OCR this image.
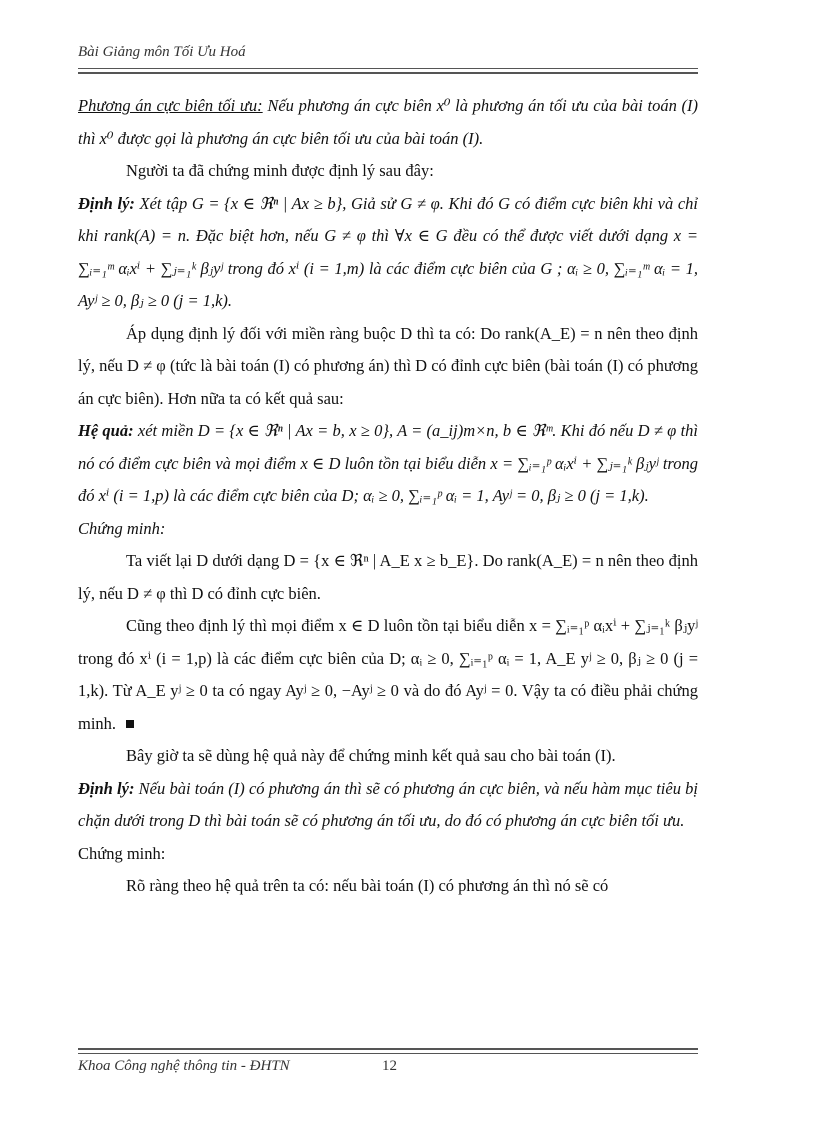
Bài Giảng môn Tối Ưu Hoá

Phương án cực biên tối ưu: Nếu phương án cực biên x⁰ là phương án tối ưu của bài toán (I) thì x⁰ được gọi là phương án cực biên tối ưu của bài toán (I).

Người ta đã chứng minh được định lý sau đây:

Định lý: Xét tập G = {x ∈ ℜⁿ | Ax ≥ b}, Giả sử G ≠ φ. Khi đó G có điểm cực biên khi và chỉ khi rank(A) = n. Đặc biệt hơn, nếu G ≠ φ thì ∀x ∈ G đều có thể được viết dưới dạng x = ∑ᵢ₌₁ᵐ αᵢxⁱ + ∑ⱼ₌₁ᵏ βⱼyʲ trong đó xⁱ (i = 1,m) là các điểm cực biên của G ; αᵢ ≥ 0, ∑ᵢ₌₁ᵐ αᵢ = 1, Ayʲ ≥ 0, βⱼ ≥ 0 (j = 1,k).

Áp dụng định lý đối với miền ràng buộc D thì ta có: Do rank(A_E) = n nên theo định lý, nếu D ≠ φ (tức là bài toán (I) có phương án) thì D có đỉnh cực biên (bài toán (I) có phương án cực biên). Hơn nữa ta có kết quả sau:

Hệ quả: xét miền D = {x ∈ ℜⁿ | Ax = b, x ≥ 0}, A = (a_ij)m×n, b ∈ ℜᵐ. Khi đó nếu D ≠ φ thì nó có điểm cực biên và mọi điểm x ∈ D luôn tồn tại biểu diễn x = ∑ᵢ₌₁ᵖ αᵢxⁱ + ∑ⱼ₌₁ᵏ βⱼyʲ trong đó xⁱ (i = 1,p) là các điểm cực biên của D; αᵢ ≥ 0, ∑ᵢ₌₁ᵖ αᵢ = 1, Ayʲ = 0, βⱼ ≥ 0 (j = 1,k).

Chứng minh:

Ta viết lại D dưới dạng D = {x ∈ ℜⁿ | A_E x ≥ b_E}. Do rank(A_E) = n nên theo định lý, nếu D ≠ φ thì D có đỉnh cực biên.

Cũng theo định lý thì mọi điểm x ∈ D luôn tồn tại biểu diễn x = ∑ᵢ₌₁ᵖ αᵢxⁱ + ∑ⱼ₌₁ᵏ βⱼyʲ trong đó xⁱ (i = 1,p) là các điểm cực biên của D; αᵢ ≥ 0, ∑ᵢ₌₁ᵖ αᵢ = 1, A_E yʲ ≥ 0, βⱼ ≥ 0 (j = 1,k). Từ A_E yʲ ≥ 0 ta có ngay Ayʲ ≥ 0, −Ayʲ ≥ 0 và do đó Ayʲ = 0. Vậy ta có điều phải chứng minh.

Bây giờ ta sẽ dùng hệ quả này để chứng minh kết quả sau cho bài toán (I).

Định lý: Nếu bài toán (I) có phương án thì sẽ có phương án cực biên, và nếu hàm mục tiêu bị chặn dưới trong D thì bài toán sẽ có phương án tối ưu, do đó có phương án cực biên tối ưu.

Chứng minh:

Rõ ràng theo hệ quả trên ta có: nếu bài toán (I) có phương án thì nó sẽ có

Khoa Công nghệ thông tin - ĐHTN	12
